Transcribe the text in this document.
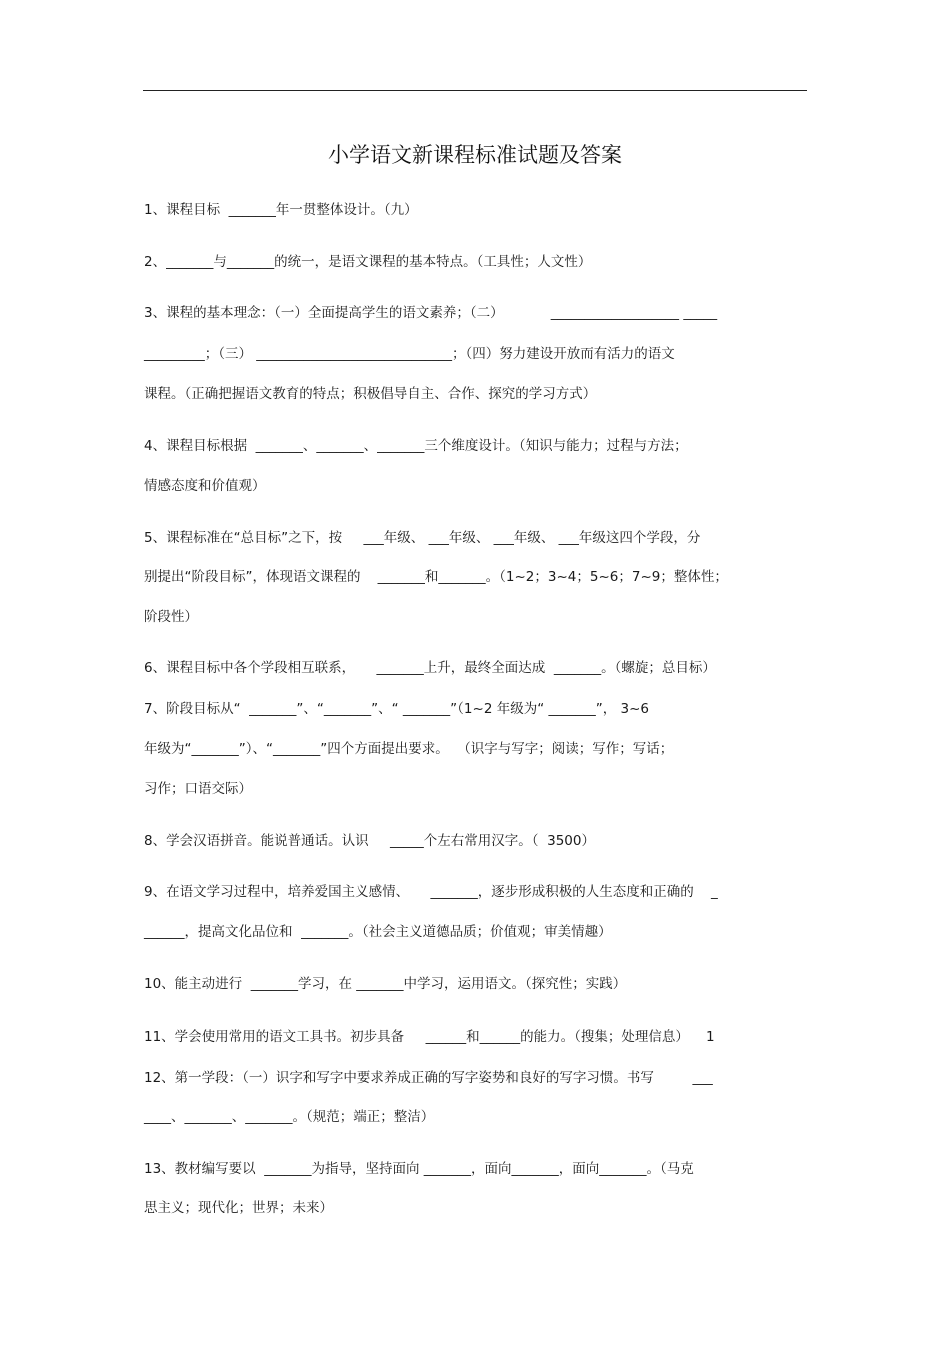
小学语文新课程标准试题及答案
1、课程目标  _______年一贯整体设计。（九）
2、_______与_______的统一，是语文课程的基本特点。（工具性；人文性）
3、课程的基本理念：（一）全面提高学生的语文素养；（二）           ___________________ _____
_________；（三） _____________________________；（四）努力建设开放而有活力的语文
课程。（正确把握语文教育的特点；积极倡导自主、合作、探究的学习方式）
4、课程目标根据  _______、_______、_______三个维度设计。（知识与能力；过程与方法；
情感态度和价值观）
5、课程标准在“总目标”之下，按     ___年级、 ___年级、 ___年级、 ___年级这四个学段，分
别提出“阶段目标”，体现语文课程的    _______和_______。（1~2；3~4；5~6；7~9；整体性；
阶段性）
6、课程目标中各个学段相互联系，     _______上升，最终全面达成  _______。（螺旋；总目标）
7、阶段目标从“  _______”、“_______”、“ _______”（1~2 年级为“ _______”， 3~6
年级为“_______”）、“_______”四个方面提出要求。  （识字与写字；阅读；写作；写话；
习作；口语交际）
8、学会汉语拼音。能说普通话。认识     _____个左右常用汉字。（  3500）
9、在语文学习过程中，培养爱国主义感情、     _______，逐步形成积极的人生态度和正确的    _
______，提高文化品位和  _______。（社会主义道德品质；价值观；审美情趣）
10、能主动进行  _______学习，在 _______中学习，运用语文。（探究性；实践）
11、学会使用常用的语文工具书。初步具备     ______和______的能力。（搜集；处理信息）    1
12、第一学段：（一）识字和写字中要求养成正确的写字姿势和良好的写字习惯。书写         ___
____、_______、_______。（规范；端正；整洁）
13、教材编写要以  _______为指导，坚持面向 _______，面向_______，面向_______。（马克
思主义；现代化；世界；未来）
